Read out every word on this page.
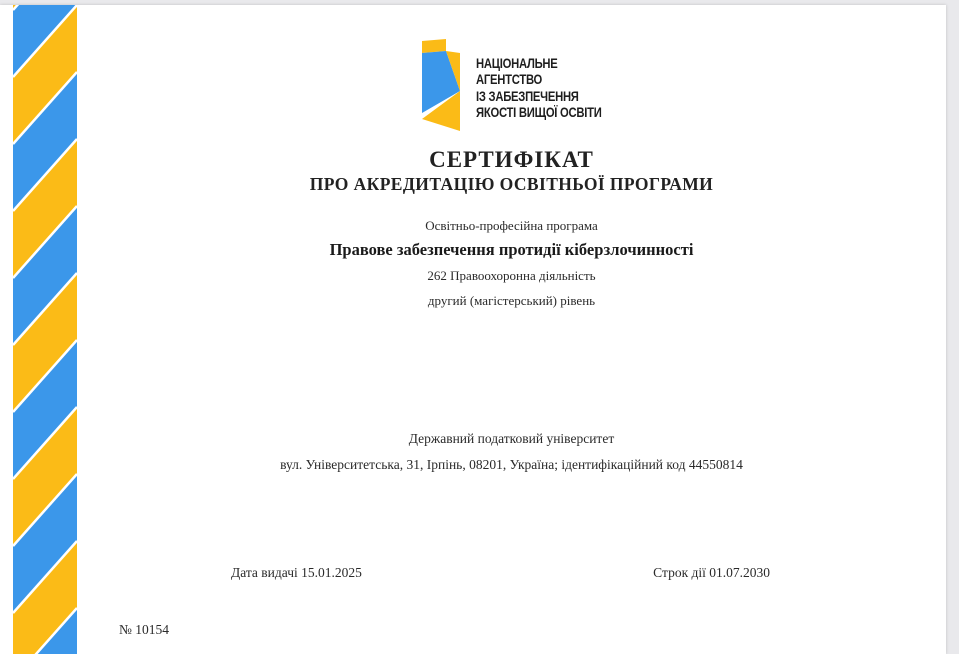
НАЦІОНАЛЬНЕ
АГЕНТСТВО
ІЗ ЗАБЕЗПЕЧЕННЯ
ЯКОСТІ ВИЩОЇ ОСВІТИ
СЕРТИФІКАТ
ПРО АКРЕДИТАЦІЮ ОСВІТНЬОЇ ПРОГРАМИ
Освітньо-професійна програма
Правове забезпечення протидії кіберзлочинності
262 Правоохоронна діяльність
другий (магістерський) рівень
Державний податковий університет
вул. Університетська, 31, Ірпінь, 08201, Україна; ідентифікаційний код 44550814
Дата видачі 15.01.2025	Строк дії 01.07.2030
№ 10154
